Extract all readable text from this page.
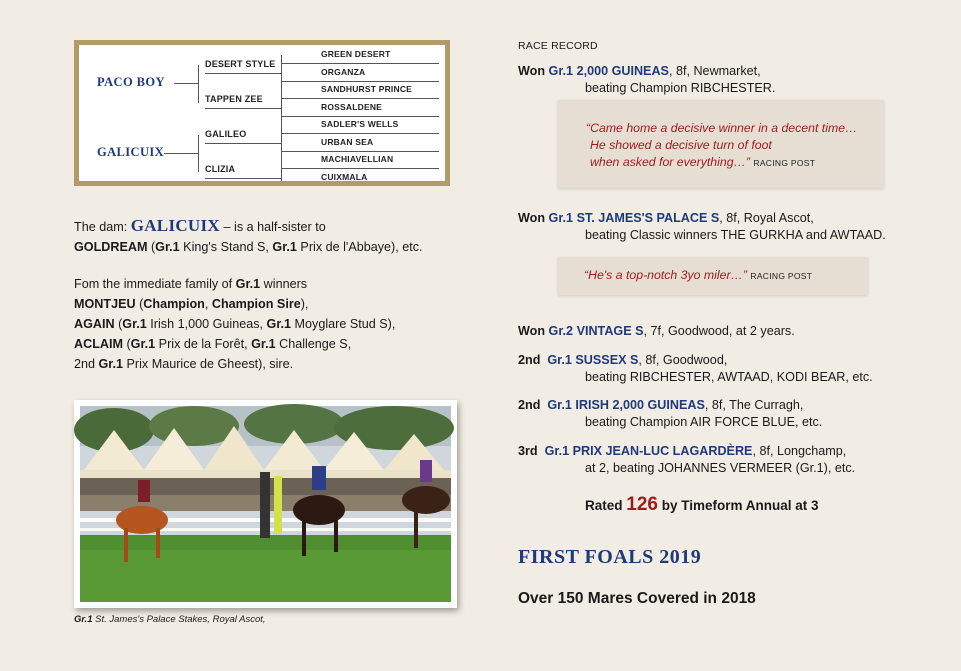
PACO BOY
GALICUIX
DESERT STYLE
TAPPEN ZEE
GALILEO
CLIZIA
GREEN DESERT
ORGANZA
SANDHURST PRINCE
ROSSALDENE
SADLER'S WELLS
URBAN SEA
MACHIAVELLIAN
CUIXMALA
The dam: GALICUIX – is a half-sister to
GOLDREAM (Gr.1 King's Stand S, Gr.1 Prix de l'Abbaye), etc.
Fom the immediate family of Gr.1 winners
MONTJEU (Champion, Champion Sire),
AGAIN (Gr.1 Irish 1,000 Guineas, Gr.1 Moyglare Stud S),
ACLAIM (Gr.1 Prix de la Forêt, Gr.1 Challenge S,
2nd Gr.1 Prix Maurice de Gheest), sire.
Gr.1 St. James's Palace Stakes, Royal Ascot,
RACE RECORD
Won Gr.1 2,000 GUINEAS, 8f, Newmarket,
beating Champion RIBCHESTER.
“Came home a decisive winner in a decent time…
He showed a decisive turn of foot
when asked for everything…” RACING POST
Won Gr.1 ST. JAMES'S PALACE S, 8f, Royal Ascot,
beating Classic winners THE GURKHA and AWTAAD.
“He's a top-notch 3yo miler…” RACING POST
Won Gr.2 VINTAGE S, 7f, Goodwood, at 2 years.
2nd Gr.1 SUSSEX S, 8f, Goodwood,
beating RIBCHESTER, AWTAAD, KODI BEAR, etc.
2nd Gr.1 IRISH 2,000 GUINEAS, 8f, The Curragh,
beating Champion AIR FORCE BLUE, etc.
3rd Gr.1 PRIX JEAN-LUC LAGARDÈRE, 8f, Longchamp,
at 2, beating JOHANNES VERMEER (Gr.1), etc.
Rated 126 by Timeform Annual at 3
FIRST FOALS 2019
Over 150 Mares Covered in 2018
